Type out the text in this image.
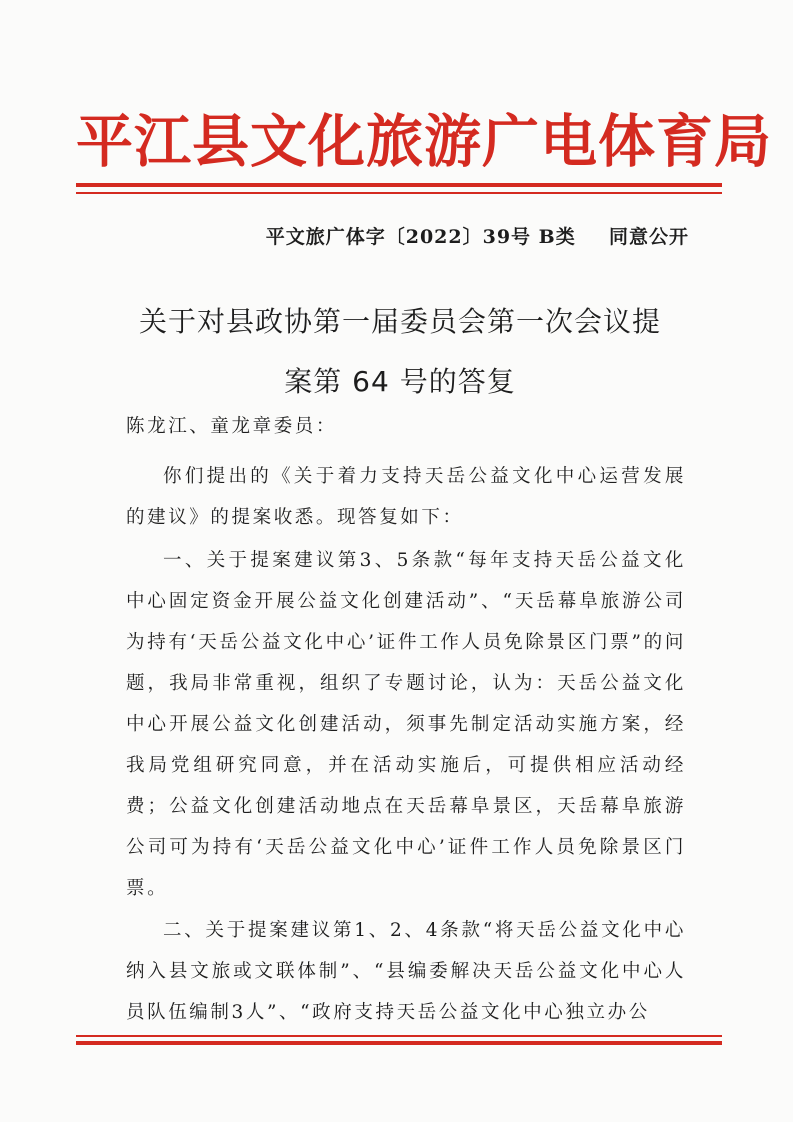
平江县文化旅游广电体育局
平文旅广体字〔2022〕39号 B类 同意公开
关于对县政协第一届委员会第一次会议提
案第 64 号的答复
陈龙江、童龙章委员：

你们提出的《关于着力支持天岳公益文化中心运营发展的建议》的提案收悉。现答复如下：

一、关于提案建议第3、5条款“每年支持天岳公益文化中心固定资金开展公益文化创建活动”、“天岳幕阜旅游公司为持有‘天岳公益文化中心’证件工作人员免除景区门票”的问题，我局非常重视，组织了专题讨论，认为：天岳公益文化中心开展公益文化创建活动，须事先制定活动实施方案，经我局党组研究同意，并在活动实施后，可提供相应活动经费；公益文化创建活动地点在天岳幕阜景区，天岳幕阜旅游公司可为持有‘天岳公益文化中心’证件工作人员免除景区门票。

二、关于提案建议第1、2、4条款“将天岳公益文化中心纳入县文旅或文联体制”、“县编委解决天岳公益文化中心人员队伍编制3人”、“政府支持天岳公益文化中心独立办公
